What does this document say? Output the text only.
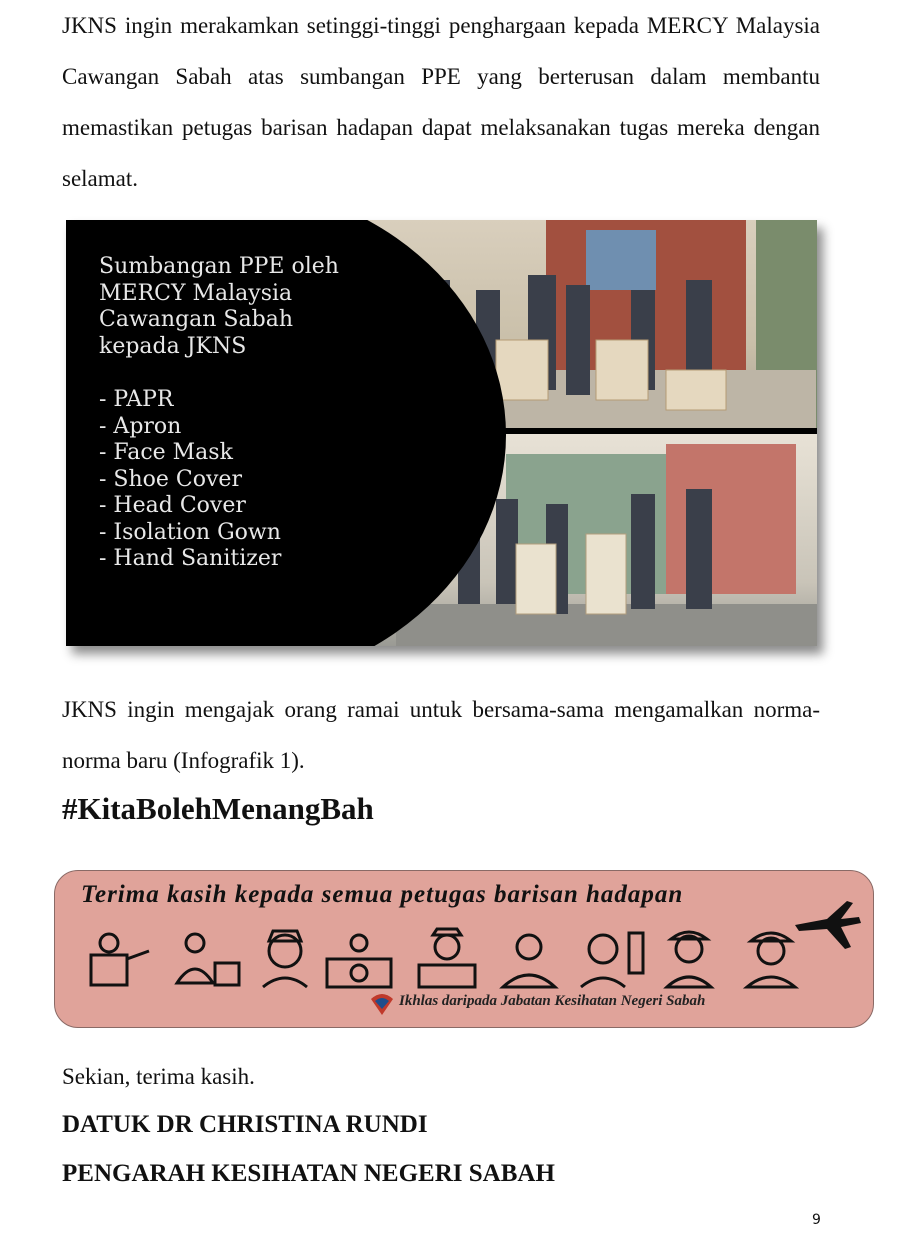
JKNS ingin merakamkan setinggi-tinggi penghargaan kepada MERCY Malaysia Cawangan Sabah atas sumbangan PPE yang berterusan dalam membantu memastikan petugas barisan hadapan dapat melaksanakan tugas mereka dengan selamat.

Sumbangan PPE oleh
MERCY Malaysia
Cawangan Sabah
kepada JKNS

- PAPR
- Apron
- Face Mask
- Shoe Cover
- Head Cover
- Isolation Gown
- Hand Sanitizer

JKNS ingin mengajak orang ramai untuk bersama-sama mengamalkan norma-norma baru (Infografik 1).

#KitaBolehMenangBah

Terima kasih kepada semua petugas barisan hadapan
Ikhlas daripada Jabatan Kesihatan Negeri Sabah

Sekian, terima kasih.

DATUK DR CHRISTINA RUNDI

PENGARAH KESIHATAN NEGERI SABAH

9
